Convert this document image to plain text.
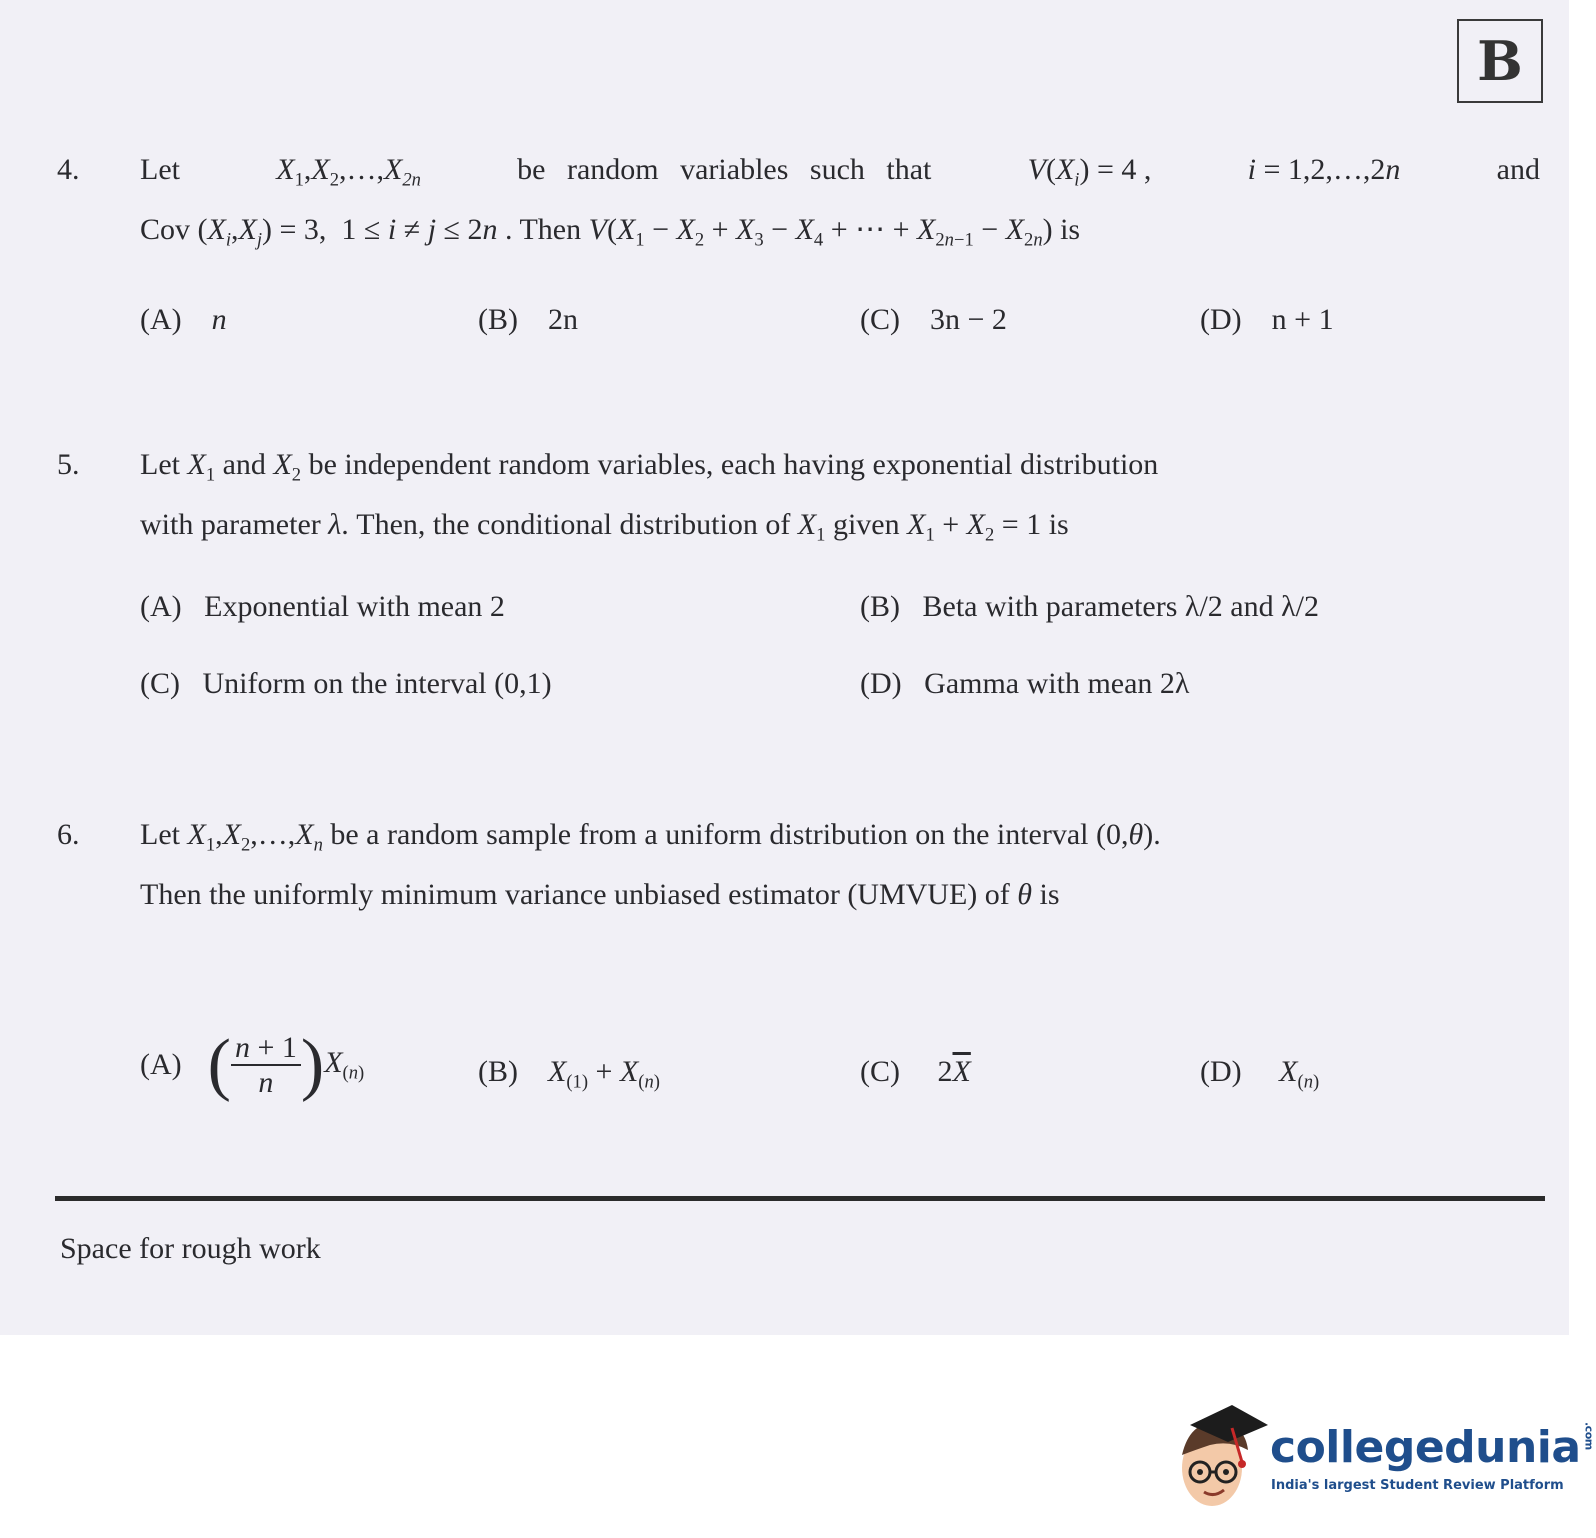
B
4. Let	$X_1,X_2,\dots,X_{2n}$	be random variables such that	$V(X_i) = 4$ ,	i = 1,2,…,2n	and
Cov $(X_i,X_j) = 3$,  1 ≤ i ≠ j ≤ 2n . Then $V(X_1 - X_2 + X_3 - X_4$ + ⋯ + $X_{2n-1} - X_{2n}$) is
(A) n	(B) 2n	(C) 3n − 2	(D) n + 1
5. Let $X_1$ and $X_2$ be independent random variables, each having exponential distribution
with parameter λ. Then, the conditional distribution of $X_1$ given $X_1 + X_2 = 1$ is
(A) Exponential with mean 2	(B) Beta with parameters λ/2 and λ/2
(C) Uniform on the interval (0,1)	(D) Gamma with mean 2λ
6. Let $X_1,X_2,\dots,X_n$ be a random sample from a uniform distribution on the interval (0,θ).
Then the uniformly minimum variance unbiased estimator (UMVUE) of θ is
(A) ( $\frac{n + 1}{n} )X_{(n)}$	(B) $X_{(1)} + X_{(n)}$	(C) $2\overline{X}$	(D) $X_{(n)}$
Space for rough work
collegedunia .com
India's largest Student Review Platform
